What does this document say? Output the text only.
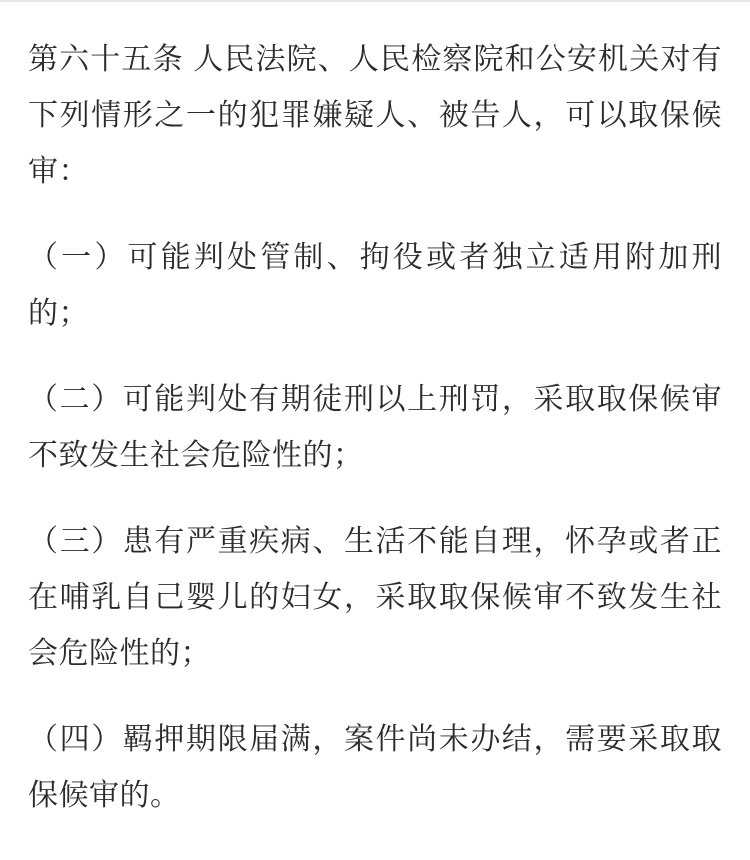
第六十五条 人民法院、人民检察院和公安机关对有下列情形之一的犯罪嫌疑人、被告人，可以取保候审：

（一）可能判处管制、拘役或者独立适用附加刑的；

（二）可能判处有期徒刑以上刑罚，采取取保候审不致发生社会危险性的；

（三）患有严重疾病、生活不能自理，怀孕或者正在哺乳自己婴儿的妇女，采取取保候审不致发生社会危险性的；

（四）羁押期限届满，案件尚未办结，需要采取取保候审的。
